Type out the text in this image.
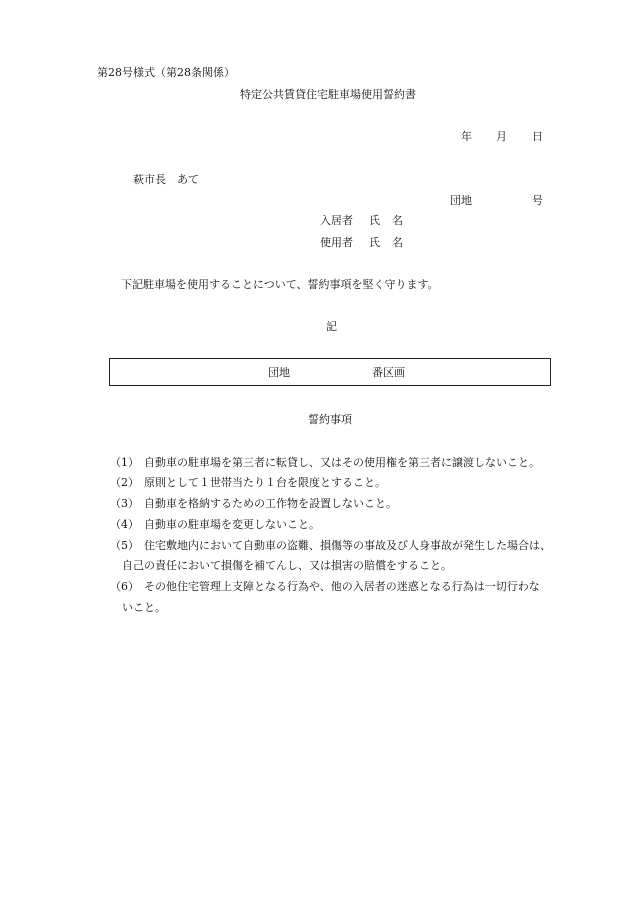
第28号様式（第28条関係）
特定公共賃貸住宅駐車場使用誓約書
年 月 日
萩市長　あて
団地	号
入居者 氏 名
使用者 氏 名
下記駐車場を使用することについて、誓約事項を堅く守ります。
記
団地	番区画
誓約事項
（1） 自動車の駐車場を第三者に転貸し、又はその使用権を第三者に譲渡しないこと。
（2） 原則として１世帯当たり１台を限度とすること。
（3） 自動車を格納するための工作物を設置しないこと。
（4） 自動車の駐車場を変更しないこと。
（5） 住宅敷地内において自動車の盗難、損傷等の事故及び人身事故が発生した場合は、
自己の責任において損傷を補てんし、又は損害の賠償をすること。
（6） その他住宅管理上支障となる行為や、他の入居者の迷惑となる行為は一切行わな
いこと。
